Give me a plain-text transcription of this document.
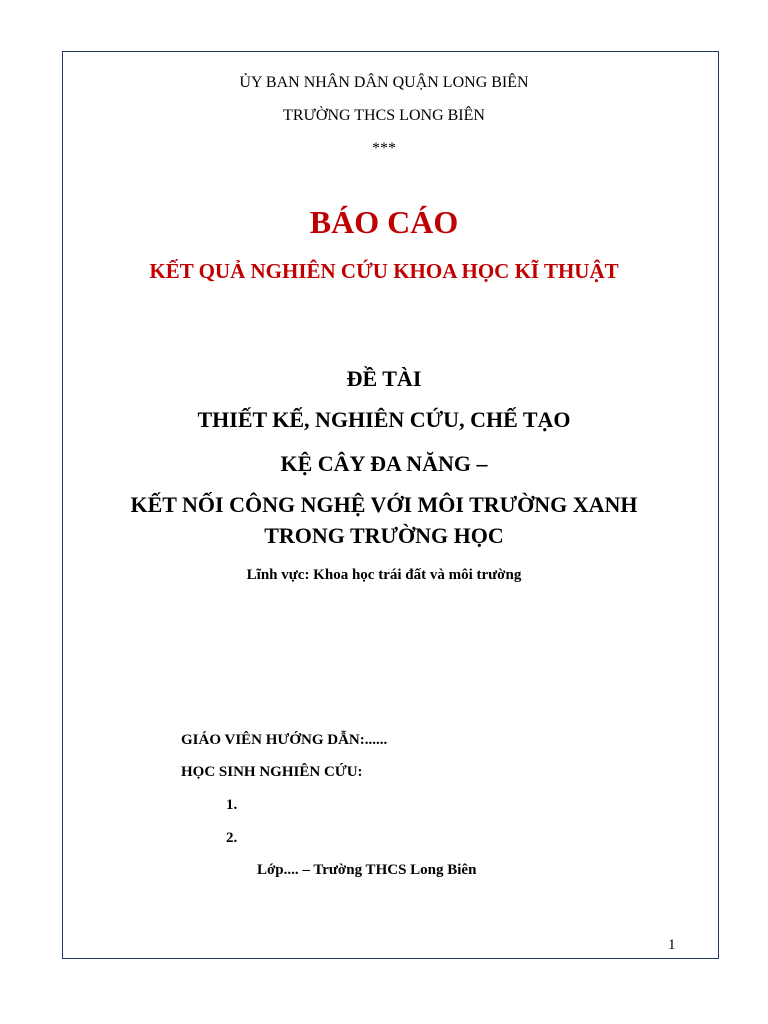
ỦY BAN NHÂN DÂN QUẬN LONG BIÊN
TRƯỜNG THCS LONG BIÊN
***
BÁO CÁO
KẾT QUẢ NGHIÊN CỨU KHOA HỌC KĨ THUẬT
ĐỀ TÀI
THIẾT KẾ, NGHIÊN CỨU, CHẾ TẠO
KỆ CÂY ĐA NĂNG –
KẾT NỐI CÔNG NGHỆ VỚI MÔI TRƯỜNG XANH
TRONG TRƯỜNG HỌC
Lĩnh vực: Khoa học trái đất và môi trường
GIÁO VIÊN HƯỚNG DẪN:......
HỌC SINH NGHIÊN CỨU:
1.
2.
Lớp.... – Trường THCS Long Biên
1
